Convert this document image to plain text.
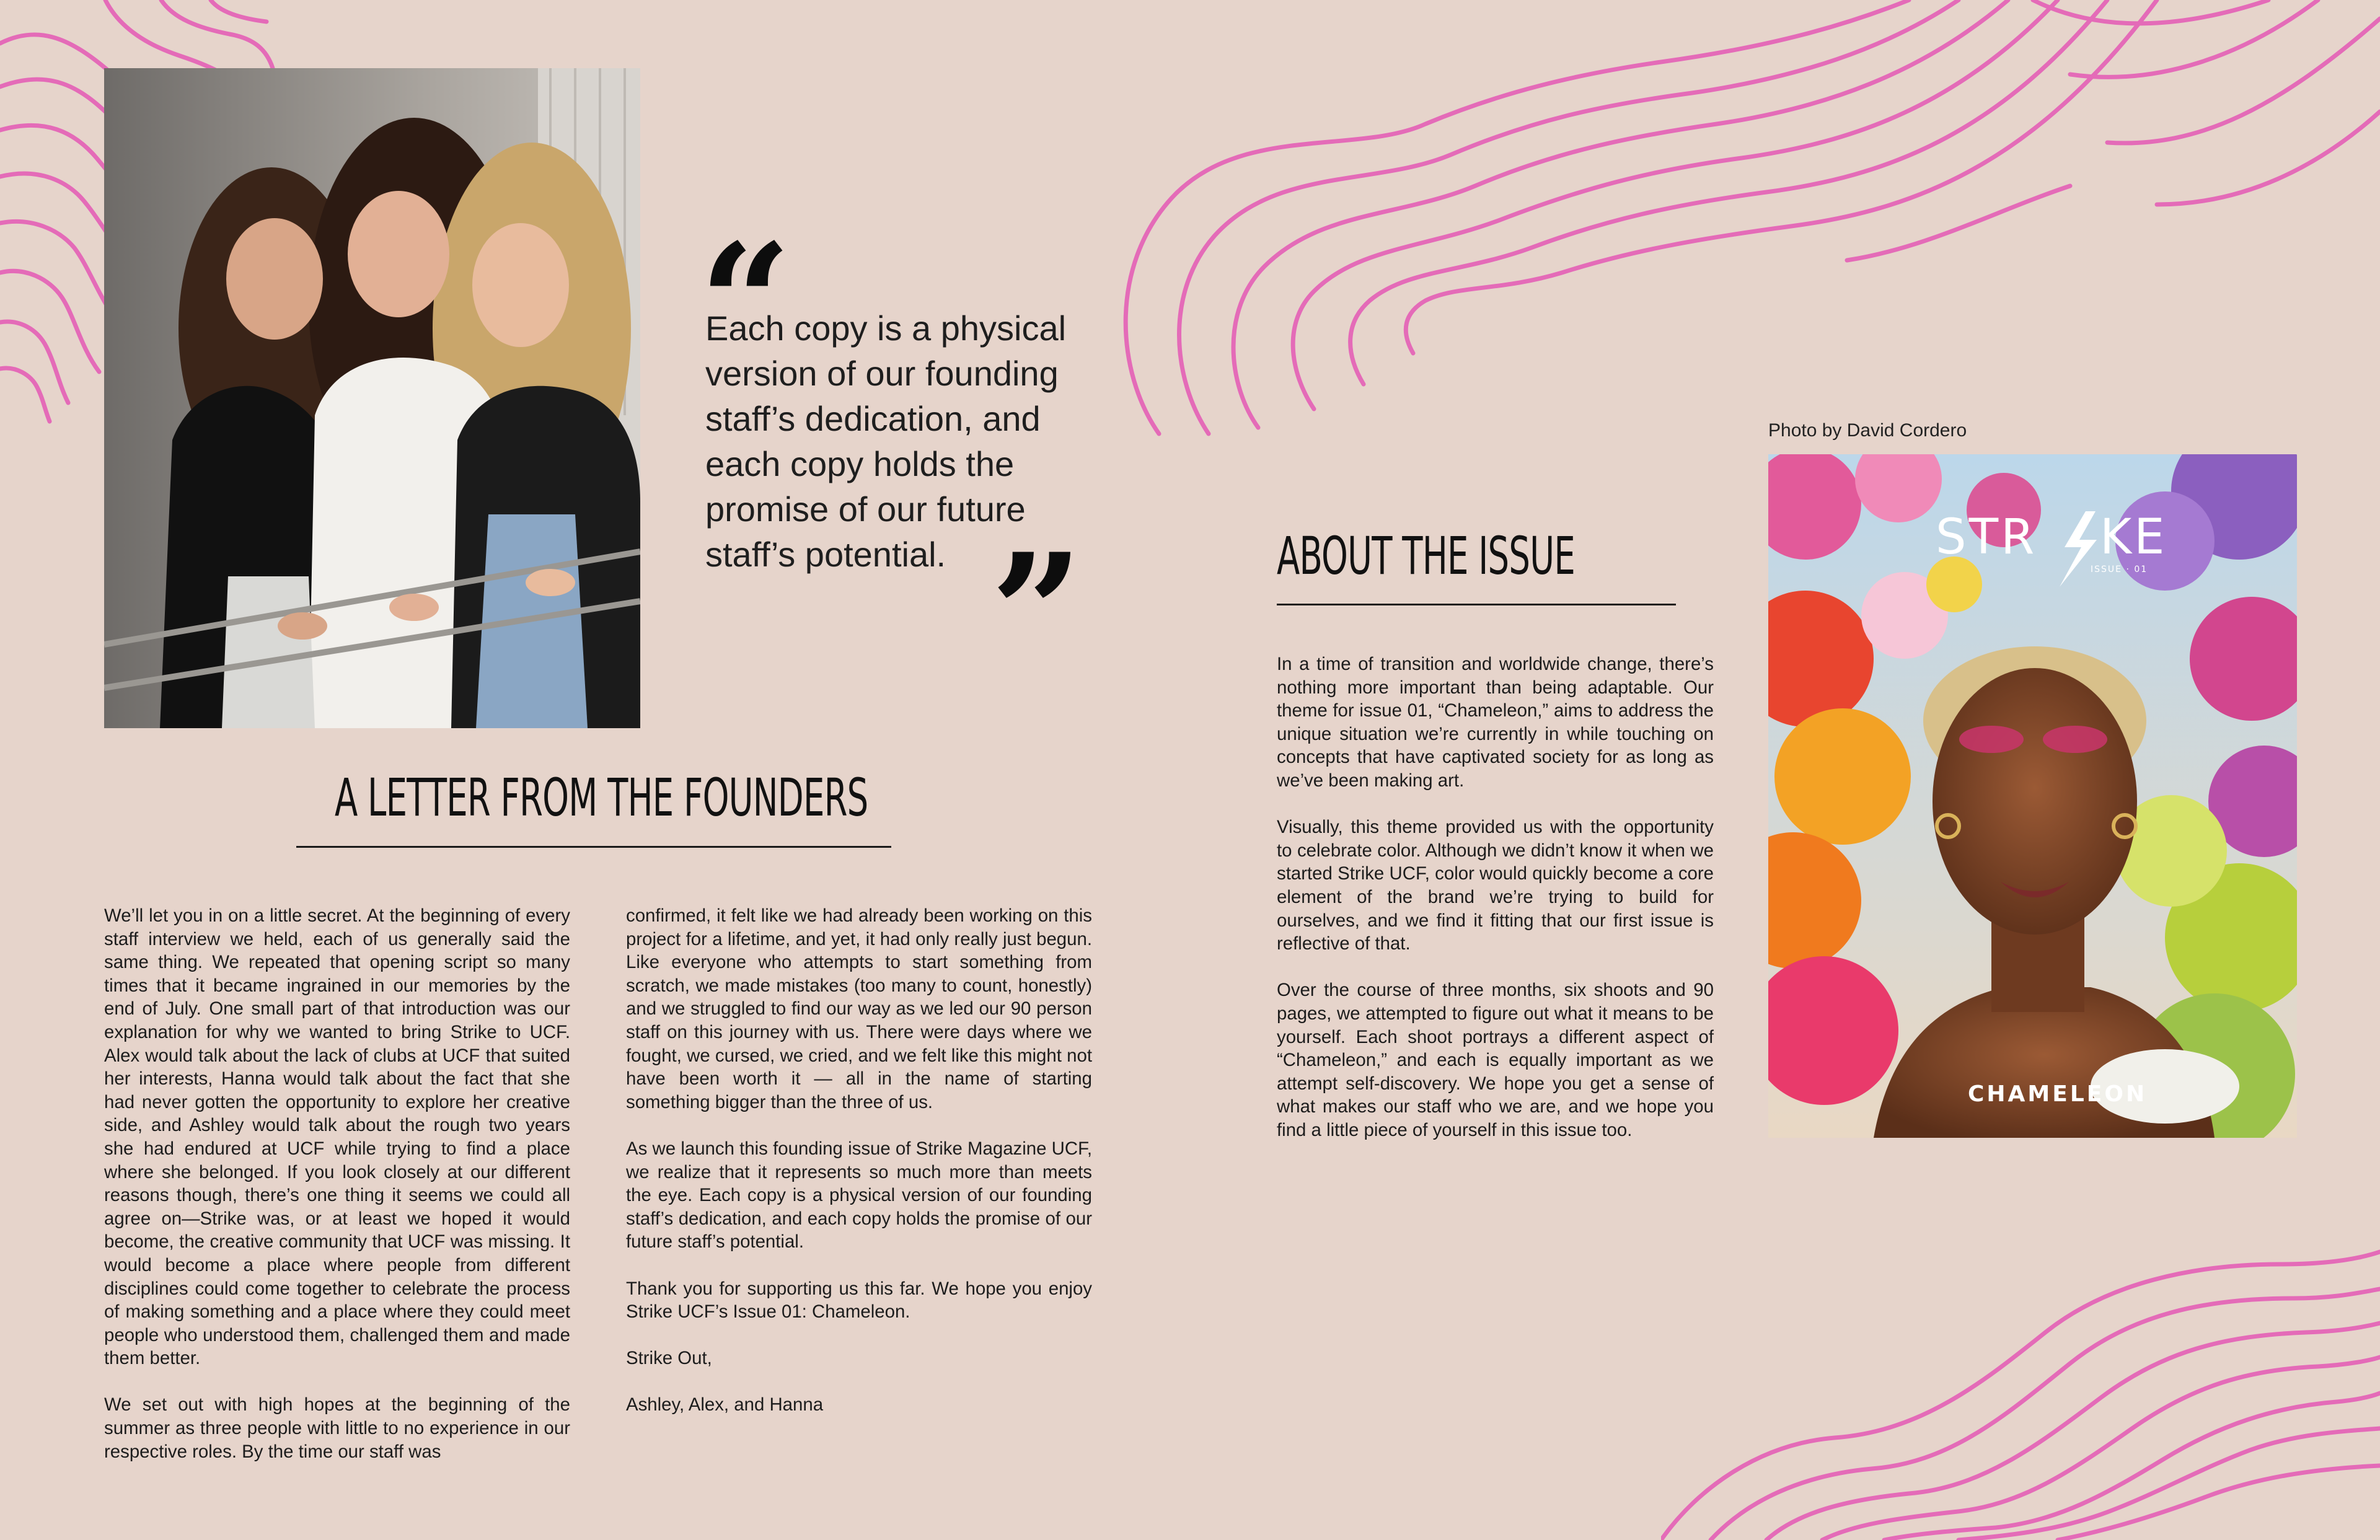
“
Each copy is a physical
version of our founding
staff’s dedication, and
each copy holds the
promise of our future
staff’s potential. ”
A LETTER FROM THE FOUNDERS

We’ll let you in on a little secret. At the beginning of every staff interview we held, each of us generally said the same thing. We repeated that opening script so many times that it became ingrained in our memories by the end of July. One small part of that introduction was our explanation for why we wanted to bring Strike to UCF. Alex would talk about the lack of clubs at UCF that suited her interests, Hanna would talk about the fact that she had never gotten the opportunity to explore her creative side, and Ashley would talk about the rough two years she had endured at UCF while trying to find a place where she belonged. If you look closely at our different reasons though, there’s one thing it seems we could all agree on—Strike was, or at least we hoped it would become, the creative community that UCF was missing. It would become a place where people from different disciplines could come together to celebrate the process of making something and a place where they could meet people who understood them, challenged them and made them better.

We set out with high hopes at the beginning of the summer as three people with little to no experience in our respective roles. By the time our staff was

confirmed, it felt like we had already been working on this project for a lifetime, and yet, it had only really just begun. Like everyone who attempts to start something from scratch, we made mistakes (too many to count, honestly) and we struggled to find our way as we led our 90 person staff on this journey with us. There were days where we fought, we cursed, we cried, and we felt like this might not have been worth it — all in the name of starting something bigger than the three of us.

As we launch this founding issue of Strike Magazine UCF, we realize that it represents so much more than meets the eye. Each copy is a physical version of our founding staff’s dedication, and each copy holds the promise of our future staff’s potential.

Thank you for supporting us this far. We hope you enjoy Strike UCF’s Issue 01: Chameleon.

Strike Out,

Ashley, Alex, and Hanna

ABOUT THE ISSUE

In a time of transition and worldwide change, there’s nothing more important than being adaptable. Our theme for issue 01, “Chameleon,” aims to address the unique situation we’re currently in while touching on concepts that have captivated society for as long as we’ve been making art.

Visually, this theme provided us with the opportunity to celebrate color. Although we didn’t know it when we started Strike UCF, color would quickly become a core element of the brand we’re trying to build for ourselves, and we find it fitting that our first issue is reflective of that.

Over the course of three months, six shoots and 90 pages, we attempted to figure out what it means to be yourself. Each shoot portrays a different aspect of “Chameleon,” and each is equally important as we attempt self-discovery. We hope you get a sense of what makes our staff who we are, and we hope you find a little piece of yourself in this issue too.

Photo by David Cordero
STR KE
ISSUE · 01
CHAMELEON
